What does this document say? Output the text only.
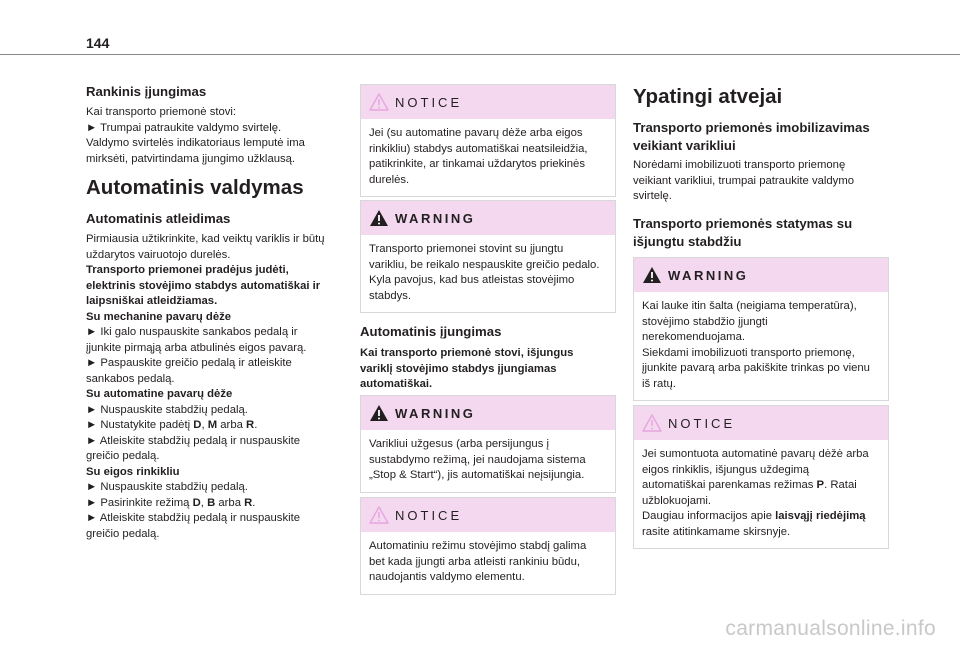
144
Rankinis įjungimas
Kai transporto priemonė stovi:
► Trumpai patraukite valdymo svirtelę.
Valdymo svirtelės indikatoriaus lemputė ima
mirksėti, patvirtindama įjungimo užklausą.
Automatinis valdymas
Automatinis atleidimas
Pirmiausia užtikrinkite, kad veiktų variklis ir būtų
uždarytos vairuotojo durelės.
Transporto priemonei pradėjus judėti,
elektrinis stovėjimo stabdys automatiškai ir
laipsniškai atleidžiamas.
Su mechanine pavarų dėže
► Iki galo nuspauskite sankabos pedalą ir
įjunkite pirmąją arba atbulinės eigos pavarą.
► Paspauskite greičio pedalą ir atleiskite
sankabos pedalą.
Su automatine pavarų dėže
► Nuspauskite stabdžių pedalą.
► Nustatykite padėtį D, M arba R.
► Atleiskite stabdžių pedalą ir nuspauskite
greičio pedalą.
Su eigos rinkikliu
► Nuspauskite stabdžių pedalą.
► Pasirinkite režimą D, B arba R.
► Atleiskite stabdžių pedalą ir nuspauskite
greičio pedalą.
NOTICE
Jei (su automatine pavarų dėže arba eigos
rinkikliu) stabdys automatiškai neatsileidžia,
patikrinkite, ar tinkamai uždarytos priekinės
durelės.
WARNING
Transporto priemonei stovint su įjungtu
varikliu, be reikalo nespauskite greičio pedalo.
Kyla pavojus, kad bus atleistas stovėjimo
stabdys.
Automatinis įjungimas
Kai transporto priemonė stovi, išjungus
variklį stovėjimo stabdys įjungiamas
automatiškai.
WARNING
Varikliui užgesus (arba persijungus į
sustabdymo režimą, jei naudojama sistema
„Stop & Start“), jis automatiškai neįsijungia.
NOTICE
Automatiniu režimu stovėjimo stabdį galima
bet kada įjungti arba atleisti rankiniu būdu,
naudojantis valdymo elementu.
Ypatingi atvejai
Transporto priemonės imobilizavimas
veikiant varikliui
Norėdami imobilizuoti transporto priemonę
veikiant varikliui, trumpai patraukite valdymo
svirtelę.
Transporto priemonės statymas su
išjungtu stabdžiu
WARNING
Kai lauke itin šalta (neigiama temperatūra),
stovėjimo stabdžio įjungti
nerekomenduojama.
Siekdami imobilizuoti transporto priemonę,
įjunkite pavarą arba pakiškite trinkas po vienu
iš ratų.
NOTICE
Jei sumontuota automatinė pavarų dėžė arba
eigos rinkiklis, išjungus uždegimą
automatiškai parenkamas režimas P. Ratai
užblokuojami.
Daugiau informacijos apie laisvąjį riedėjimą
rasite atitinkamame skirsnyje.
carmanualsonline.info
